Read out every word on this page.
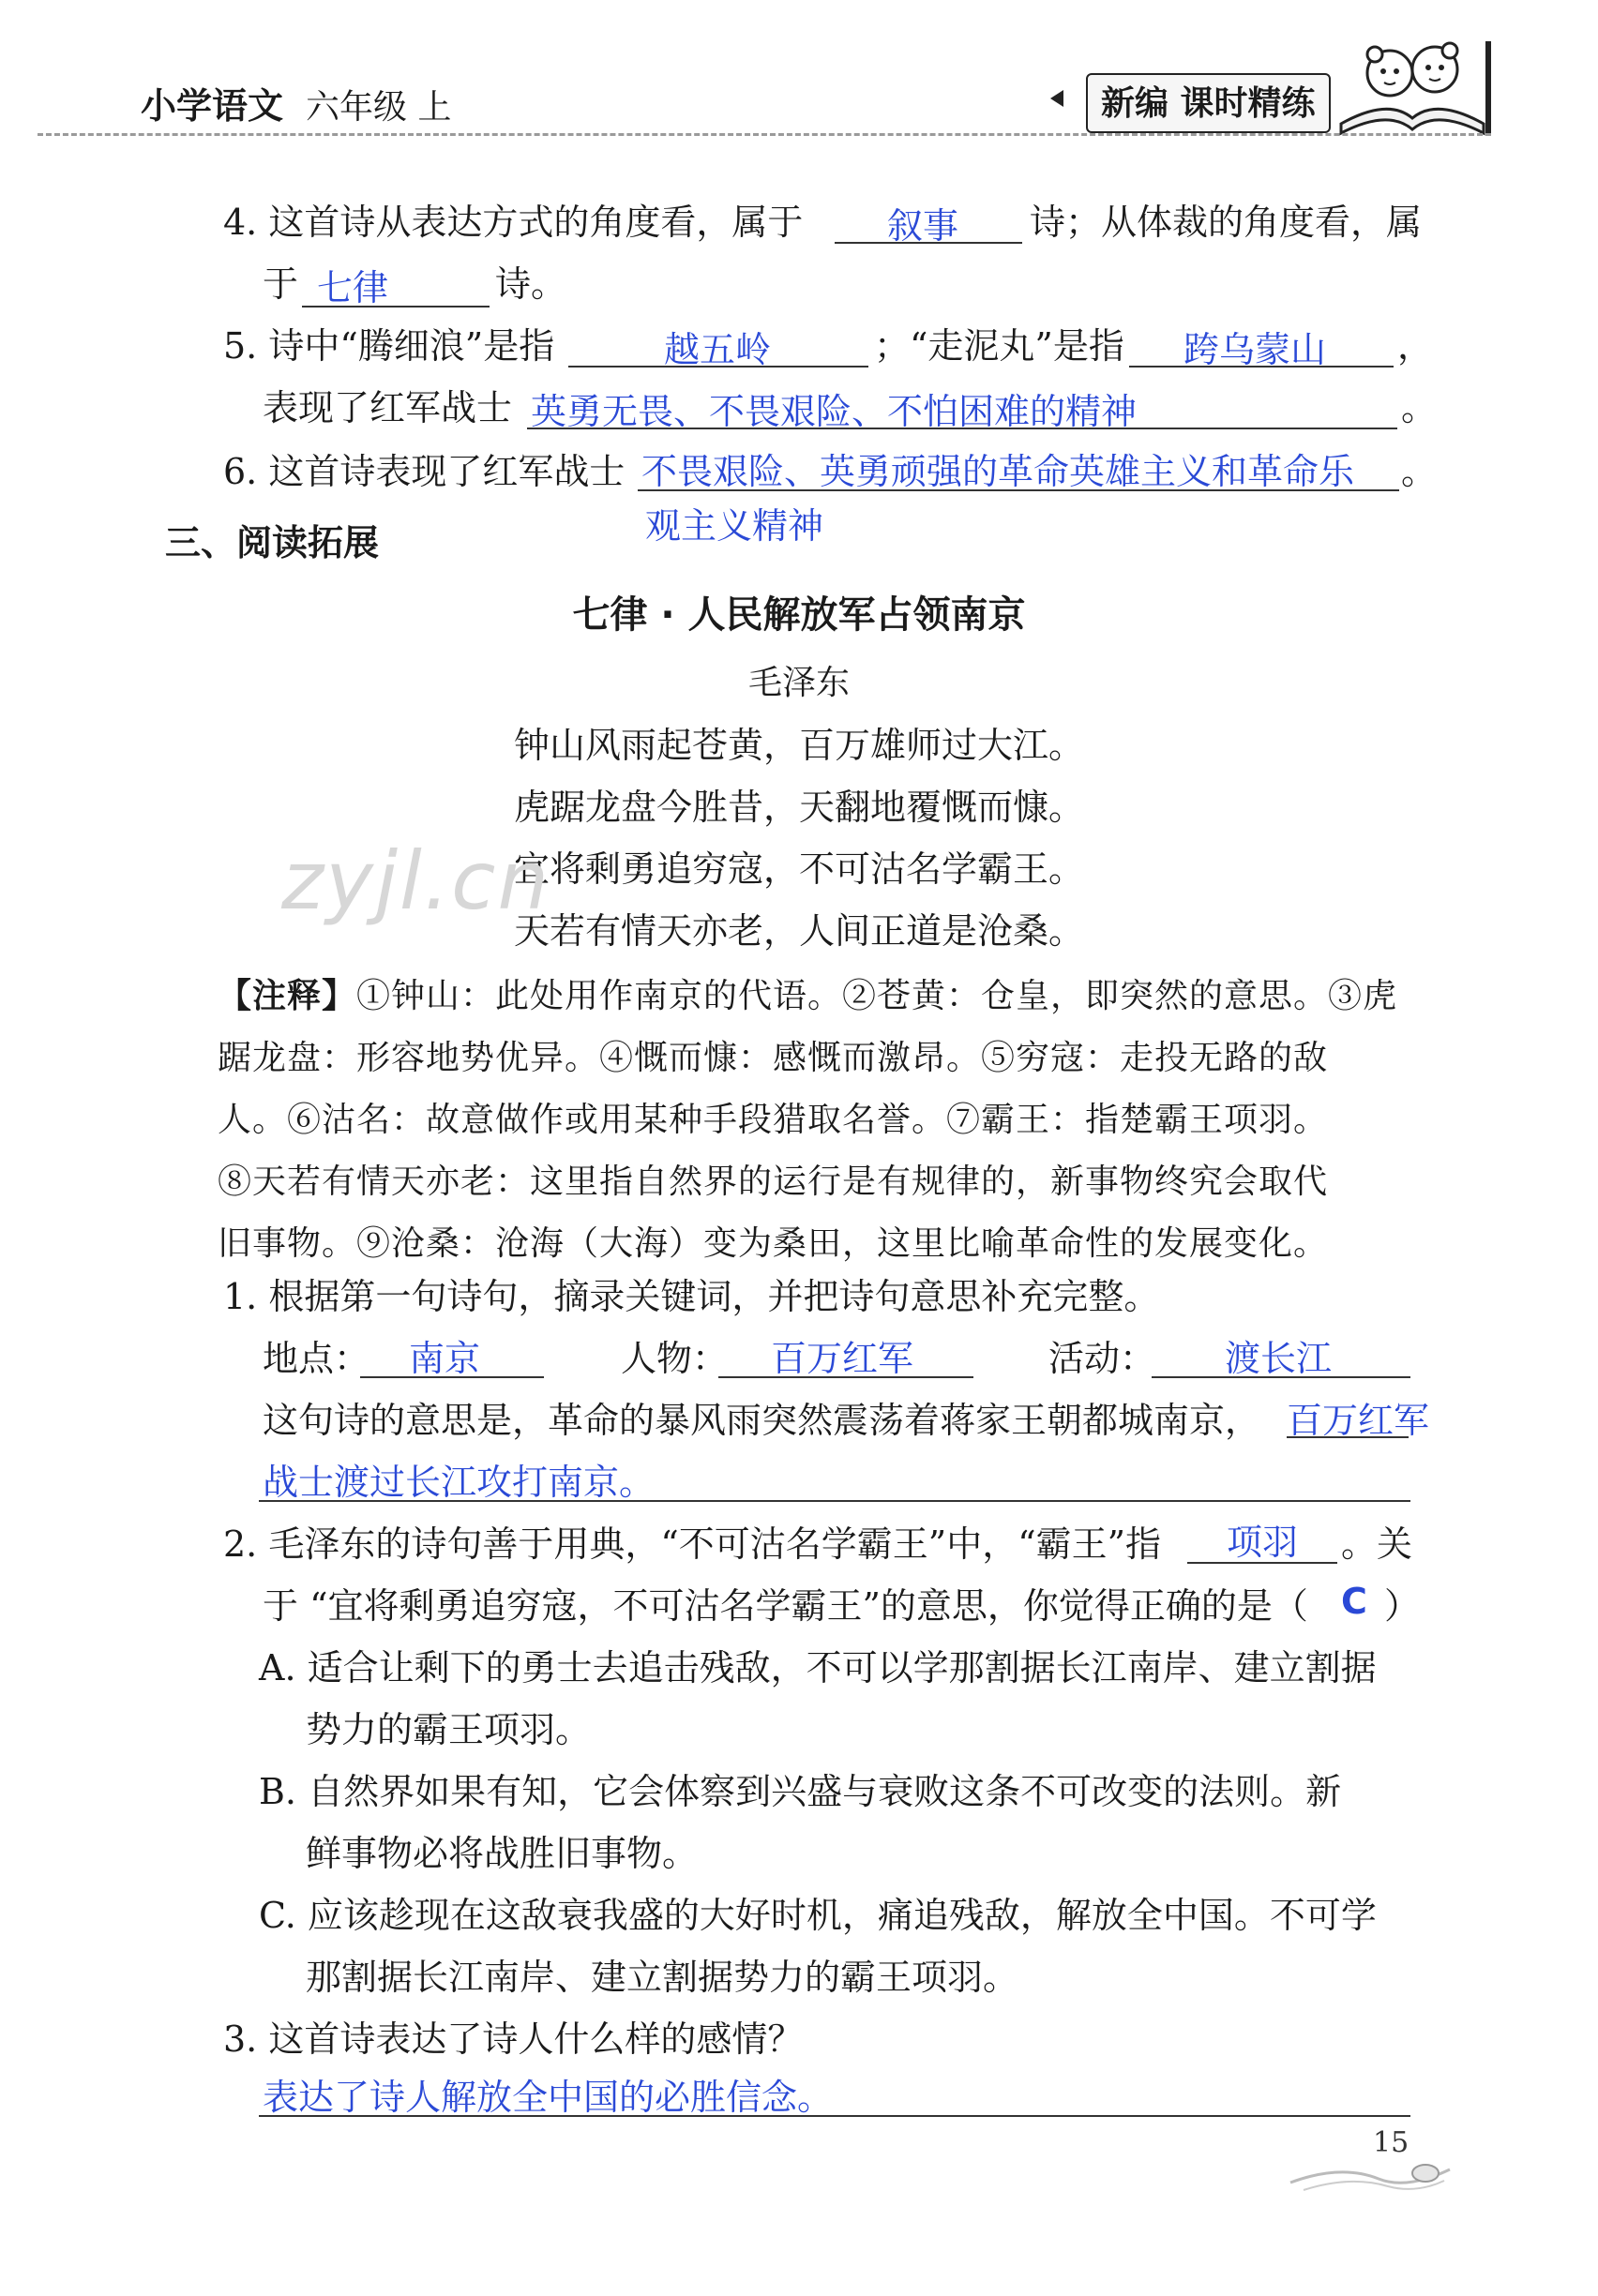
小学语文 六年级 上	新编 课时精练
4. 这首诗从表达方式的角度看，属于 叙事 诗；从体裁的角度看，属
于 七律	诗。
5. 诗中“腾细浪”是指	越五岭	；“走泥丸”是指 跨乌蒙山 ，
表现了红军战士 英勇无畏、不畏艰险、不怕困难的精神	。
6. 这首诗表现了红军战士 不畏艰险、英勇顽强的革命英雄主义和革命乐 。
观主义精神
三、阅读拓展
七律 · 人民解放军占领南京
毛泽东
钟山风雨起苍黄，百万雄师过大江。
虎踞龙盘今胜昔，天翻地覆慨而慷。
宜将剩勇追穷寇，不可沽名学霸王。
天若有情天亦老，人间正道是沧桑。
zyjl.cn
【注释】①钟山：此处用作南京的代语。②苍黄：仓皇，即突然的意思。③虎
踞龙盘：形容地势优异。④慨而慷：感慨而激昂。⑤穷寇：走投无路的敌
人。⑥沽名：故意做作或用某种手段猎取名誉。⑦霸王：指楚霸王项羽。
⑧天若有情天亦老：这里指自然界的运行是有规律的，新事物终究会取代
旧事物。⑨沧桑：沧海（大海）变为桑田，这里比喻革命性的发展变化。
1. 根据第一句诗句，摘录关键词，并把诗句意思补充完整。
地点： 南京	人物： 百万红军	活动： 渡长江
这句诗的意思是，革命的暴风雨突然震荡着蒋家王朝都城南京， 百万红军
战士渡过长江攻打南京。
2. 毛泽东的诗句善于用典，“不可沽名学霸王”中，“霸王”指 项羽 。关
于 “宜将剩勇追穷寇，不可沽名学霸王”的意思，你觉得正确的是（ C ）
A. 适合让剩下的勇士去追击残敌，不可以学那割据长江南岸、建立割据
势力的霸王项羽。
B. 自然界如果有知，它会体察到兴盛与衰败这条不可改变的法则。新
鲜事物必将战胜旧事物。
C. 应该趁现在这敌衰我盛的大好时机，痛追残敌，解放全中国。不可学
那割据长江南岸、建立割据势力的霸王项羽。
3. 这首诗表达了诗人什么样的感情？
表达了诗人解放全中国的必胜信念。
15
